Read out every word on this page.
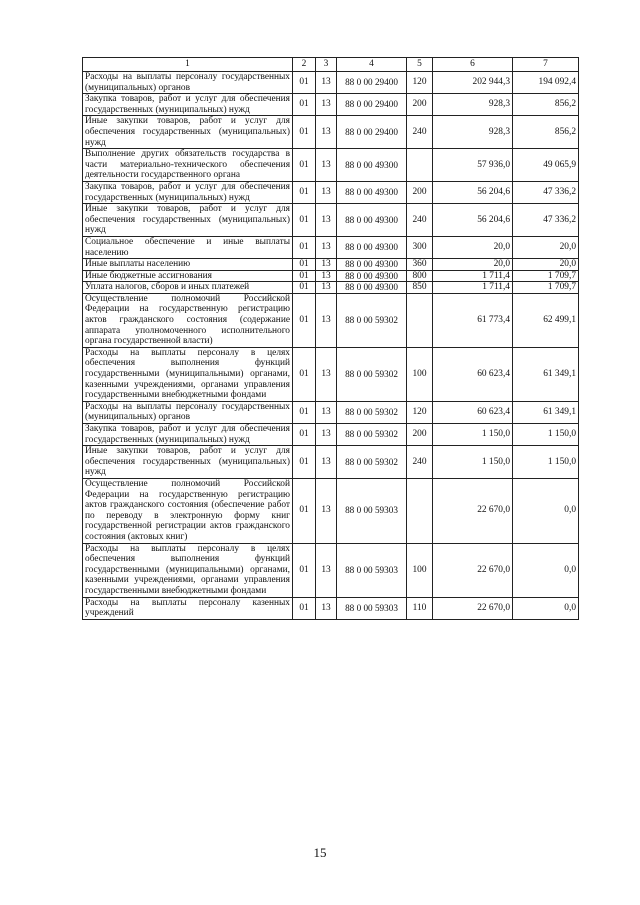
1	2	3	4	5	6	7
Расходы на выплаты персоналу государственных (муниципальных) органов	01	13	88 0 00 29400	120	202 944,3	194 092,4
Закупка товаров, работ и услуг для обеспечения государственных (муниципальных) нужд	01	13	88 0 00 29400	200	928,3	856,2
Иные закупки товаров, работ и услуг для обеспечения государственных (муниципальных) нужд	01	13	88 0 00 29400	240	928,3	856,2
Выполнение других обязательств государства в части материально-технического обеспечения деятельности государственного органа	01	13	88 0 00 49300		57 936,0	49 065,9
Закупка товаров, работ и услуг для обеспечения государственных (муниципальных) нужд	01	13	88 0 00 49300	200	56 204,6	47 336,2
Иные закупки товаров, работ и услуг для обеспечения государственных (муниципальных) нужд	01	13	88 0 00 49300	240	56 204,6	47 336,2
Социальное обеспечение и иные выплаты населению	01	13	88 0 00 49300	300	20,0	20,0
Иные выплаты населению	01	13	88 0 00 49300	360	20,0	20,0
Иные бюджетные ассигнования	01	13	88 0 00 49300	800	1 711,4	1 709,7
Уплата налогов, сборов и иных платежей	01	13	88 0 00 49300	850	1 711,4	1 709,7
Осуществление полномочий Российской Федерации на государственную регистрацию актов гражданского состояния (содержание аппарата уполномоченного исполнительного органа государственной власти)	01	13	88 0 00 59302		61 773,4	62 499,1
Расходы на выплаты персоналу в целях обеспечения выполнения функций государственными (муниципальными) органами, казенными учреждениями, органами управления государственными внебюджетными фондами	01	13	88 0 00 59302	100	60 623,4	61 349,1
Расходы на выплаты персоналу государственных (муниципальных) органов	01	13	88 0 00 59302	120	60 623,4	61 349,1
Закупка товаров, работ и услуг для обеспечения государственных (муниципальных) нужд	01	13	88 0 00 59302	200	1 150,0	1 150,0
Иные закупки товаров, работ и услуг для обеспечения государственных (муниципальных) нужд	01	13	88 0 00 59302	240	1 150,0	1 150,0
Осуществление полномочий Российской Федерации на государственную регистрацию актов гражданского состояния (обеспечение работ по переводу в электронную форму книг государственной регистрации актов гражданского состояния (актовых книг)	01	13	88 0 00 59303		22 670,0	0,0
Расходы на выплаты персоналу в целях обеспечения выполнения функций государственными (муниципальными) органами, казенными учреждениями, органами управления государственными внебюджетными фондами	01	13	88 0 00 59303	100	22 670,0	0,0
Расходы на выплаты персоналу казенных учреждений	01	13	88 0 00 59303	110	22 670,0	0,0
15
